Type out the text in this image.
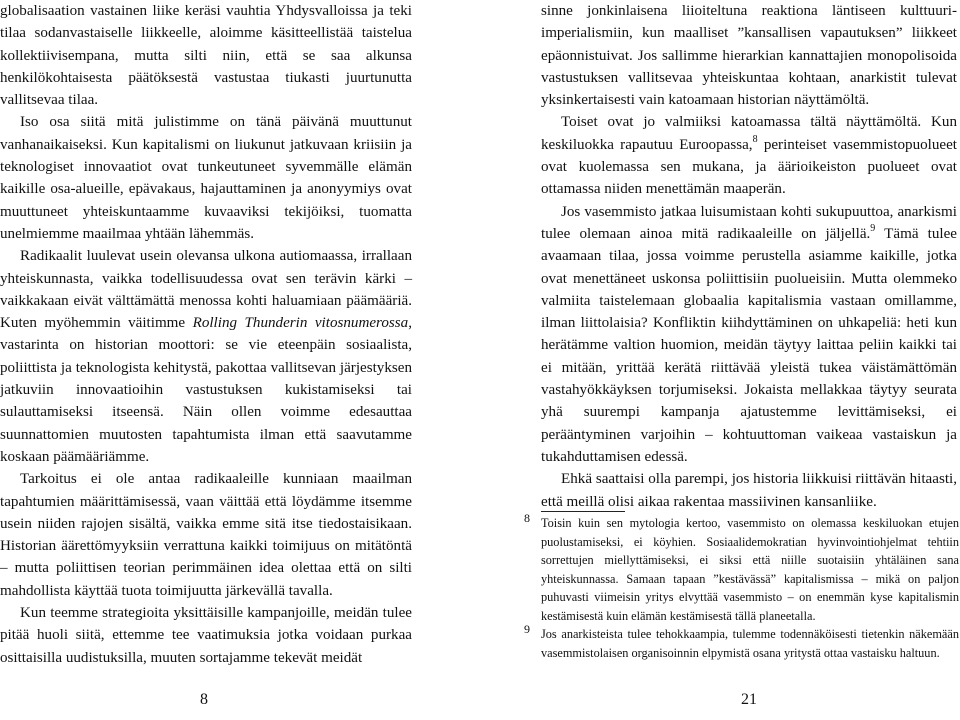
globalisaation vastainen liike keräsi vauhtia Yhdysvalloissa ja teki tilaa sodanvastaiselle liikkeelle, aloimme käsitteellistää taistelua kollektiivisempana, mutta silti niin, että se saa alkunsa henkilökohtaisesta päätöksestä vastustaa tiukasti juurtunutta vallitsevaa tilaa.

Iso osa siitä mitä julistimme on tänä päivänä muuttunut vanhanaikaiseksi. Kun kapitalismi on liukunut jatkuvaan kriisiin ja teknologiset innovaatiot ovat tunkeutuneet syvemmälle elämän kaikille osa-alueille, epävakaus, hajauttaminen ja anonyymiys ovat muuttuneet yhteiskuntaamme kuvaaviksi tekijöiksi, tuomatta unelmiemme maailmaa yhtään lähemmäs.

Radikaalit luulevat usein olevansa ulkona autiomaassa, irrallaan yhteiskunnasta, vaikka todellisuudessa ovat sen terävin kärki – vaikkakaan eivät välttämättä menossa kohti haluamiaan päämääriä. Kuten myöhemmin väitimme Rolling Thunderin vitosnumerossa, vastarinta on historian moottori: se vie eteenpäin sosiaalista, poliittista ja teknologista kehitystä, pakottaa vallitsevan järjestyksen jatkuviin innovaatioihin vastustuksen kukistamiseksi tai sulauttamiseksi itseensä. Näin ollen voimme edesauttaa suunnattomien muutosten tapahtumista ilman että saavutamme koskaan päämääriämme.

Tarkoitus ei ole antaa radikaaleille kunniaan maailman tapahtumien määrittämisessä, vaan väittää että löydämme itsemme usein niiden rajojen sisältä, vaikka emme sitä itse tiedostaisikaan. Historian äärettömyyksiin verrattuna kaikki toimijuus on mitätöntä – mutta poliittisen teorian perimmäinen idea olettaa että on silti mahdollista käyttää tuota toimijuutta järkevällä tavalla.

Kun teemme strategioita yksittäisille kampanjoille, meidän tulee pitää huoli siitä, ettemme tee vaatimuksia jotka voidaan purkaa osittaisilla uudistuksilla, muuten sortajamme tekevät meidät

sinne jonkinlaisena liioiteltuna reaktiona läntiseen kulttuuri-imperialismiin, kun maalliset ”kansallisen vapautuksen” liikkeet epäonnistuivat. Jos sallimme hierarkian kannattajien monopolisoida vastustuksen vallitsevaa yhteiskuntaa kohtaan, anarkistit tulevat yksinkertaisesti vain katoamaan historian näyttämöltä.

Toiset ovat jo valmiiksi katoamassa tältä näyttämöltä. Kun keskiluokka rapautuu Euroopassa,$^8$ perinteiset vasemmistopuolueet ovat kuolemassa sen mukana, ja äärioikeiston puolueet ovat ottamassa niiden menettämän maaperän.

Jos vasemmisto jatkaa luisumistaan kohti sukupuuttoa, anarkismi tulee olemaan ainoa mitä radikaaleille on jäljellä.$^9$ Tämä tulee avaamaan tilaa, jossa voimme perustella asiamme kaikille, jotka ovat menettäneet uskonsa poliittisiin puolueisiin. Mutta olemmeko valmiita taistelemaan globaalia kapitalismia vastaan omillamme, ilman liittolaisia? Konfliktin kiihdyttäminen on uhkapeliä: heti kun herätämme valtion huomion, meidän täytyy laittaa peliin kaikki tai ei mitään, yrittää kerätä riittävää yleistä tukea väistämättömän vastahyökkäyksen torjumiseksi. Jokaista mellakkaa täytyy seurata yhä suurempi kampanja ajatustemme levittämiseksi, ei perääntyminen varjoihin – kohtuuttoman vaikeaa vastaiskun ja tukahduttamisen edessä.

Ehkä saattaisi olla parempi, jos historia liikkuisi riittävän hitaasti, että meillä olisi aikaa rakentaa massiivinen kansanliike.

8 Toisin kuin sen mytologia kertoo, vasemmisto on olemassa keskiluokan etujen puolustamiseksi, ei köyhien. Sosiaalidemokratian hyvinvointiohjelmat tehtiin sorrettujen miellyttämiseksi, ei siksi että niille suotaisiin yhtäläinen sana yhteiskunnassa. Samaan tapaan ”kestävässä” kapitalismissa – mikä on paljon puhuvasti viimeisin yritys elvyttää vasemmisto – on enemmän kyse kapitalismin kestämisestä kuin elämän kestämisestä tällä planeetalla.

9 Jos anarkisteista tulee tehokkaampia, tulemme todennäköisesti tietenkin näkemään vasemmistolaisen organisoinnin elpymistä osana yritystä ottaa vastaisku haltuun.

8	21
